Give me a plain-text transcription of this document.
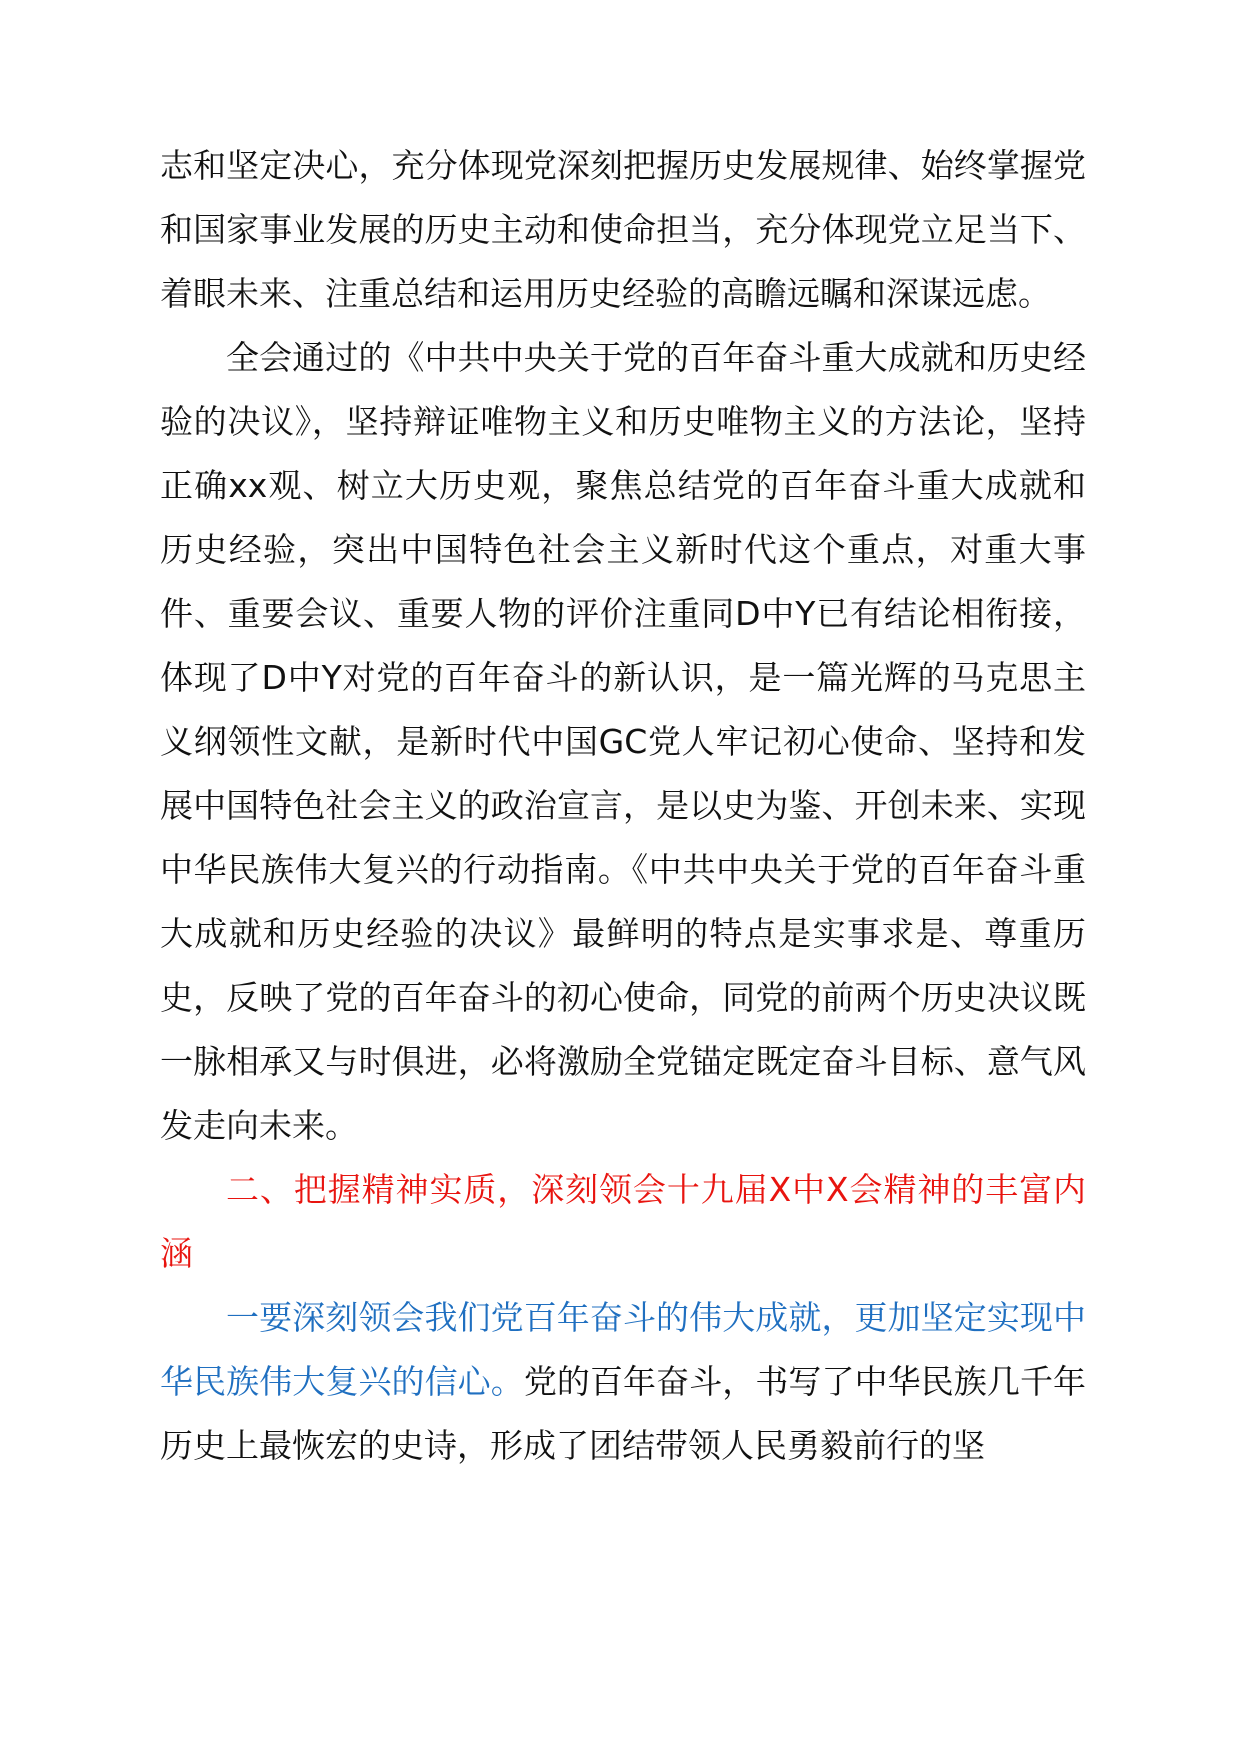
志和坚定决心，充分体现党深刻把握历史发展规律、始终掌握党和国家事业发展的历史主动和使命担当，充分体现党立足当下、着眼未来、注重总结和运用历史经验的高瞻远瞩和深谋远虑。

全会通过的《中共中央关于党的百年奋斗重大成就和历史经验的决议》，坚持辩证唯物主义和历史唯物主义的方法论，坚持正确xx观、树立大历史观，聚焦总结党的百年奋斗重大成就和历史经验，突出中国特色社会主义新时代这个重点，对重大事件、重要会议、重要人物的评价注重同D中Y已有结论相衔接，体现了D中Y对党的百年奋斗的新认识，是一篇光辉的马克思主义纲领性文献，是新时代中国GC党人牢记初心使命、坚持和发展中国特色社会主义的政治宣言，是以史为鉴、开创未来、实现中华民族伟大复兴的行动指南。《中共中央关于党的百年奋斗重大成就和历史经验的决议》最鲜明的特点是实事求是、尊重历史，反映了党的百年奋斗的初心使命，同党的前两个历史决议既一脉相承又与时俱进，必将激励全党锚定既定奋斗目标、意气风发走向未来。

二、把握精神实质，深刻领会十九届X中X会精神的丰富内涵

一要深刻领会我们党百年奋斗的伟大成就，更加坚定实现中华民族伟大复兴的信心。党的百年奋斗，书写了中华民族几千年历史上最恢宏的史诗，形成了团结带领人民勇毅前行的坚
